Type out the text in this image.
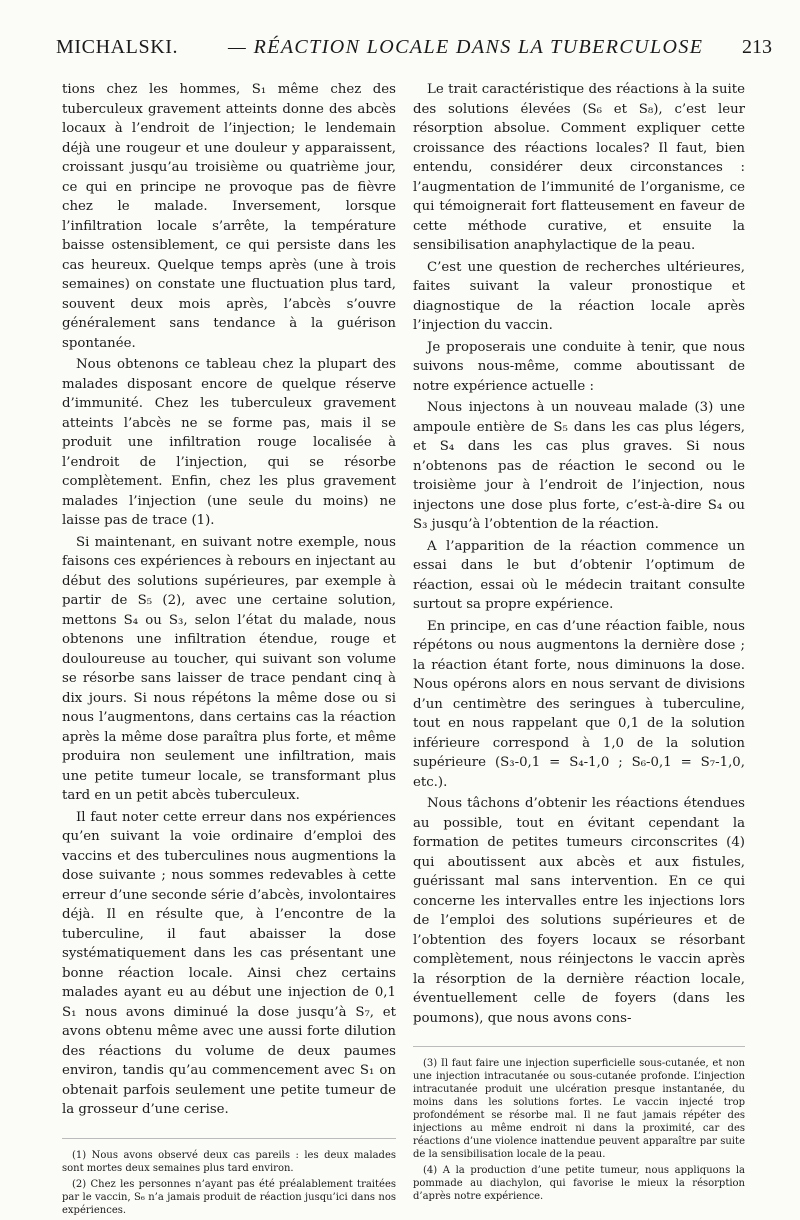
MICHALSKI. — RÉACTION LOCALE DANS LA TUBERCULOSE 213

tions chez les hommes, S₁ même chez des tuberculeux gravement atteints donne des abcès locaux à l’endroit de l’injection; le lendemain déjà une rougeur et une douleur y apparaissent, croissant jusqu’au troisième ou quatrième jour, ce qui en principe ne provoque pas de fièvre chez le malade. Inversement, lorsque l’infiltration locale s’arrête, la température baisse ostensiblement, ce qui persiste dans les cas heureux. Quelque temps après (une à trois semaines) on constate une fluctuation plus tard, souvent deux mois après, l’abcès s’ouvre généralement sans tendance à la guérison spontanée.

Nous obtenons ce tableau chez la plupart des malades disposant encore de quelque réserve d’immunité. Chez les tuberculeux gravement atteints l’abcès ne se forme pas, mais il se produit une infiltration rouge localisée à l’endroit de l’injection, qui se résorbe complètement. Enfin, chez les plus gravement malades l’injection (une seule du moins) ne laisse pas de trace (1).

Si maintenant, en suivant notre exemple, nous faisons ces expériences à rebours en injectant au début des solutions supérieures, par exemple à partir de S₅ (2), avec une certaine solution, mettons S₄ ou S₃, selon l’état du malade, nous obtenons une infiltration étendue, rouge et douloureuse au toucher, qui suivant son volume se résorbe sans laisser de trace pendant cinq à dix jours. Si nous répétons la même dose ou si nous l’augmentons, dans certains cas la réaction après la même dose paraîtra plus forte, et même produira non seulement une infiltration, mais une petite tumeur locale, se transformant plus tard en un petit abcès tuberculeux.

Il faut noter cette erreur dans nos expériences qu’en suivant la voie ordinaire d’emploi des vaccins et des tuberculines nous augmentions la dose suivante ; nous sommes redevables à cette erreur d’une seconde série d’abcès, involontaires déjà. Il en résulte que, à l’encontre de la tuberculine, il faut abaisser la dose systématiquement dans les cas présentant une bonne réaction locale. Ainsi chez certains malades ayant eu au début une injection de 0,1 S₁ nous avons diminué la dose jusqu’à S₇, et avons obtenu même avec une aussi forte dilution des réactions du volume de deux paumes environ, tandis qu’au commencement avec S₁ on obtenait parfois seulement une petite tumeur de la grosseur d’une cerise.

(1) Nous avons observé deux cas pareils : les deux malades sont mortes deux semaines plus tard environ.
(2) Chez les personnes n’ayant pas été préalablement traitées par le vaccin, S₆ n’a jamais produit de réaction jusqu’ici dans nos expériences.

Le trait caractéristique des réactions à la suite des solutions élevées (S₆ et S₈), c’est leur résorption absolue. Comment expliquer cette croissance des réactions locales? Il faut, bien entendu, considérer deux circonstances : l’augmentation de l’immunité de l’organisme, ce qui témoignerait fort flatteusement en faveur de cette méthode curative, et ensuite la sensibilisation anaphylactique de la peau.

C’est une question de recherches ultérieures, faites suivant la valeur pronostique et diagnostique de la réaction locale après l’injection du vaccin.

Je proposerais une conduite à tenir, que nous suivons nous-même, comme aboutissant de notre expérience actuelle :

Nous injectons à un nouveau malade (3) une ampoule entière de S₅ dans les cas plus légers, et S₄ dans les cas plus graves. Si nous n’obtenons pas de réaction le second ou le troisième jour à l’endroit de l’injection, nous injectons une dose plus forte, c’est-à-dire S₄ ou S₃ jusqu’à l’obtention de la réaction.

A l’apparition de la réaction commence un essai dans le but d’obtenir l’optimum de réaction, essai où le médecin traitant consulte surtout sa propre expérience.

En principe, en cas d’une réaction faible, nous répétons ou nous augmentons la dernière dose ; la réaction étant forte, nous diminuons la dose. Nous opérons alors en nous servant de divisions d’un centimètre des seringues à tuberculine, tout en nous rappelant que 0,1 de la solution inférieure correspond à 1,0 de la solution supérieure (S₃-0,1 = S₄-1,0 ; S₆-0,1 = S₇-1,0, etc.).

Nous tâchons d’obtenir les réactions étendues au possible, tout en évitant cependant la formation de petites tumeurs circonscrites (4) qui aboutissent aux abcès et aux fistules, guérissant mal sans intervention. En ce qui concerne les intervalles entre les injections lors de l’emploi des solutions supérieures et de l’obtention des foyers locaux se résorbant complètement, nous réinjectons le vaccin après la résorption de la dernière réaction locale, éventuellement celle de foyers (dans les poumons), que nous avons cons-

(3) Il faut faire une injection superficielle sous-cutanée, et non une injection intracutanée ou sous-cutanée profonde. L’injection intracutanée produit une ulcération presque instantanée, du moins dans les solutions fortes. Le vaccin injecté trop profondément se résorbe mal. Il ne faut jamais répéter des injections au même endroit ni dans la proximité, car des réactions d’une violence inattendue peuvent apparaître par suite de la sensibilisation locale de la peau.
(4) A la production d’une petite tumeur, nous appliquons la pommade au diachylon, qui favorise le mieux la résorption d’après notre expérience.
